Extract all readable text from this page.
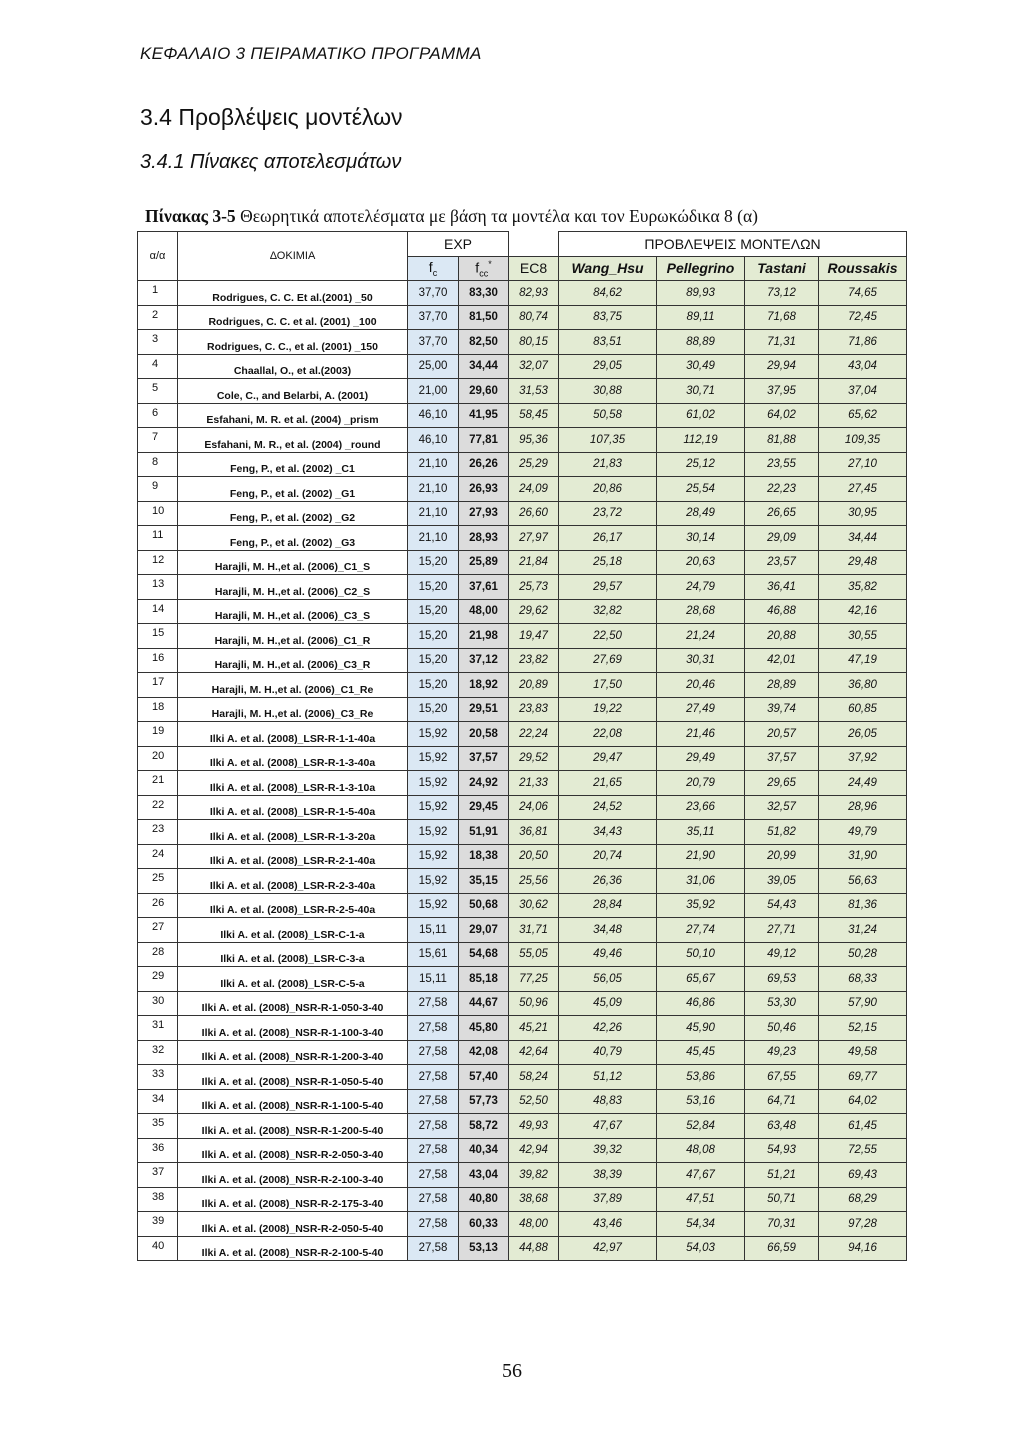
ΚΕΦΑΛΑΙΟ 3 ΠΕΙΡΑΜΑΤΙΚΟ ΠΡΟΓΡΑΜΜΑ
3.4 Προβλέψεις μοντέλων
3.4.1 Πίνακες αποτελεσμάτων
Πίνακας 3-5 Θεωρητικά αποτελέσματα με βάση τα μοντέλα και τον Ευρωκώδικα 8 (α)
α/α	ΔΟΚΙΜΙΑ	EXP			ΠΡΟΒΛΕΨΕΙΣ ΜΟΝΤΕΛΩΝ			
		$f_c$	$f_{cc}^*$	EC8	Wang_Hsu	Pellegrino	Tastani	Roussakis
1	Rodrigues, C. C. Et al.(2001) _50	37,70	83,30	82,93	84,62	89,93	73,12	74,65
2	Rodrigues, C. C. et al. (2001) _100	37,70	81,50	80,74	83,75	89,11	71,68	72,45
3	Rodrigues, C. C., et al. (2001) _150	37,70	82,50	80,15	83,51	88,89	71,31	71,86
4	Chaallal, O., et al.(2003)	25,00	34,44	32,07	29,05	30,49	29,94	43,04
5	Cole, C., and Belarbi, A. (2001)	21,00	29,60	31,53	30,88	30,71	37,95	37,04
6	Esfahani, M. R. et al. (2004) _prism	46,10	41,95	58,45	50,58	61,02	64,02	65,62
7	Esfahani, M. R., et al. (2004) _round	46,10	77,81	95,36	107,35	112,19	81,88	109,35
8	Feng, P., et al. (2002) _C1	21,10	26,26	25,29	21,83	25,12	23,55	27,10
9	Feng, P., et al. (2002) _G1	21,10	26,93	24,09	20,86	25,54	22,23	27,45
10	Feng, P., et al. (2002) _G2	21,10	27,93	26,60	23,72	28,49	26,65	30,95
11	Feng, P., et al. (2002) _G3	21,10	28,93	27,97	26,17	30,14	29,09	34,44
12	Harajli, M. H.,et al. (2006)_C1_S	15,20	25,89	21,84	25,18	20,63	23,57	29,48
13	Harajli, M. H.,et al. (2006)_C2_S	15,20	37,61	25,73	29,57	24,79	36,41	35,82
14	Harajli, M. H.,et al. (2006)_C3_S	15,20	48,00	29,62	32,82	28,68	46,88	42,16
15	Harajli, M. H.,et al. (2006)_C1_R	15,20	21,98	19,47	22,50	21,24	20,88	30,55
16	Harajli, M. H.,et al. (2006)_C3_R	15,20	37,12	23,82	27,69	30,31	42,01	47,19
17	Harajli, M. H.,et al. (2006)_C1_Re	15,20	18,92	20,89	17,50	20,46	28,89	36,80
18	Harajli, M. H.,et al. (2006)_C3_Re	15,20	29,51	23,83	19,22	27,49	39,74	60,85
19	Ilki A. et al. (2008)_LSR-R-1-1-40a	15,92	20,58	22,24	22,08	21,46	20,57	26,05
20	Ilki A. et al. (2008)_LSR-R-1-3-40a	15,92	37,57	29,52	29,47	29,49	37,57	37,92
21	Ilki A. et al. (2008)_LSR-R-1-3-10a	15,92	24,92	21,33	21,65	20,79	29,65	24,49
22	Ilki A. et al. (2008)_LSR-R-1-5-40a	15,92	29,45	24,06	24,52	23,66	32,57	28,96
23	Ilki A. et al. (2008)_LSR-R-1-3-20a	15,92	51,91	36,81	34,43	35,11	51,82	49,79
24	Ilki A. et al. (2008)_LSR-R-2-1-40a	15,92	18,38	20,50	20,74	21,90	20,99	31,90
25	Ilki A. et al. (2008)_LSR-R-2-3-40a	15,92	35,15	25,56	26,36	31,06	39,05	56,63
26	Ilki A. et al. (2008)_LSR-R-2-5-40a	15,92	50,68	30,62	28,84	35,92	54,43	81,36
27	Ilki A. et al. (2008)_LSR-C-1-a	15,11	29,07	31,71	34,48	27,74	27,71	31,24
28	Ilki A. et al. (2008)_LSR-C-3-a	15,61	54,68	55,05	49,46	50,10	49,12	50,28
29	Ilki A. et al. (2008)_LSR-C-5-a	15,11	85,18	77,25	56,05	65,67	69,53	68,33
30	Ilki A. et al. (2008)_NSR-R-1-050-3-40	27,58	44,67	50,96	45,09	46,86	53,30	57,90
31	Ilki A. et al. (2008)_NSR-R-1-100-3-40	27,58	45,80	45,21	42,26	45,90	50,46	52,15
32	Ilki A. et al. (2008)_NSR-R-1-200-3-40	27,58	42,08	42,64	40,79	45,45	49,23	49,58
33	Ilki A. et al. (2008)_NSR-R-1-050-5-40	27,58	57,40	58,24	51,12	53,86	67,55	69,77
34	Ilki A. et al. (2008)_NSR-R-1-100-5-40	27,58	57,73	52,50	48,83	53,16	64,71	64,02
35	Ilki A. et al. (2008)_NSR-R-1-200-5-40	27,58	58,72	49,93	47,67	52,84	63,48	61,45
36	Ilki A. et al. (2008)_NSR-R-2-050-3-40	27,58	40,34	42,94	39,32	48,08	54,93	72,55
37	Ilki A. et al. (2008)_NSR-R-2-100-3-40	27,58	43,04	39,82	38,39	47,67	51,21	69,43
38	Ilki A. et al. (2008)_NSR-R-2-175-3-40	27,58	40,80	38,68	37,89	47,51	50,71	68,29
39	Ilki A. et al. (2008)_NSR-R-2-050-5-40	27,58	60,33	48,00	43,46	54,34	70,31	97,28
40	Ilki A. et al. (2008)_NSR-R-2-100-5-40	27,58	53,13	44,88	42,97	54,03	66,59	94,16
56
